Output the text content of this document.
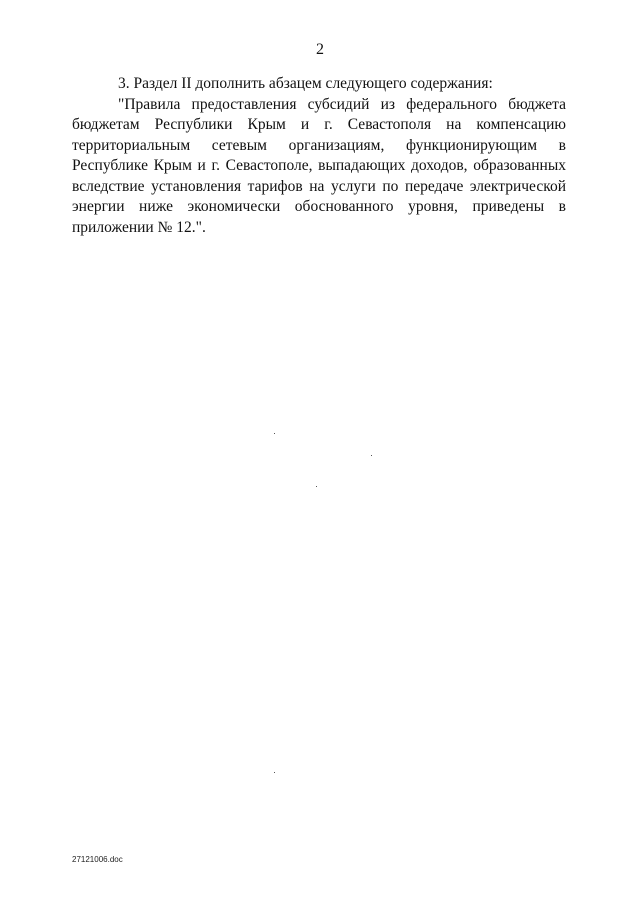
2

3. Раздел II дополнить абзацем следующего содержания:

"Правила предоставления субсидий из федерального бюджета бюджетам Республики Крым и г. Севастополя на компенсацию территориальным сетевым организациям, функционирующим в Республике Крым и г. Севастополе, выпадающих доходов, образованных вследствие установления тарифов на услуги по передаче электрической энергии ниже экономически обоснованного уровня, приведены в приложении № 12.".

27121006.doc
